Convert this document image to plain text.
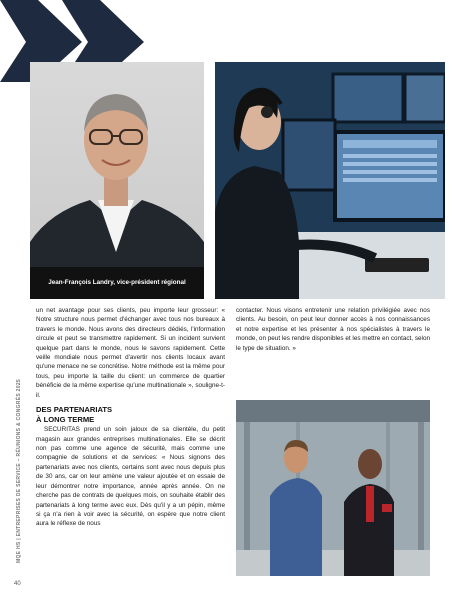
Jean-François Landry, vice-président régional

un net avantage pour ses clients, peu importe leur grosseur: « Notre structure nous permet d'échanger avec tous nos bureaux à travers le monde. Nous avons des directeurs dédiés, l'information circule et peut se transmettre rapidement. Si un incident survient quelque part dans le monde, nous le savons rapidement. Cette veille mondiale nous permet d'avertir nos clients locaux avant qu'une menace ne se concrétise. Notre méthode est la même pour tous, peu importe la taille du client: un commerce de quartier bénéficie de la même expertise qu'une multinationale », souligne-t-il.

DES PARTENARIATS
À LONG TERME

SECURITAS prend un soin jaloux de sa clientèle, du petit magasin aux grandes entreprises multinationales. Elle se décrit non pas comme une agence de sécurité, mais comme une compagnie de solutions et de services: « Nous signons des partenariats avec nos clients, certains sont avec nous depuis plus de 30 ans, car on leur amène une valeur ajoutée et on essaie de leur démontrer notre importance, année après année. On ne cherche pas de contrats de quelques mois, on souhaite établir des partenariats à long terme avec eux. Dès qu'il y a un pépin, même si ça n'a rien à voir avec la sécurité, on espère que notre client aura le réflexe de nous

contacter. Nous visons entretenir une relation privilégiée avec nos clients. Au besoin, on peut leur donner accès à nos connaissances et notre expertise et les présenter à nos spécialistes à travers le monde, on peut les rendre disponibles et les mettre en contact, selon le type de situation. »

MQE HS | ENTREPRISES DE SERVICE – RÉUNIONS & CONGRÈS 2025
40
